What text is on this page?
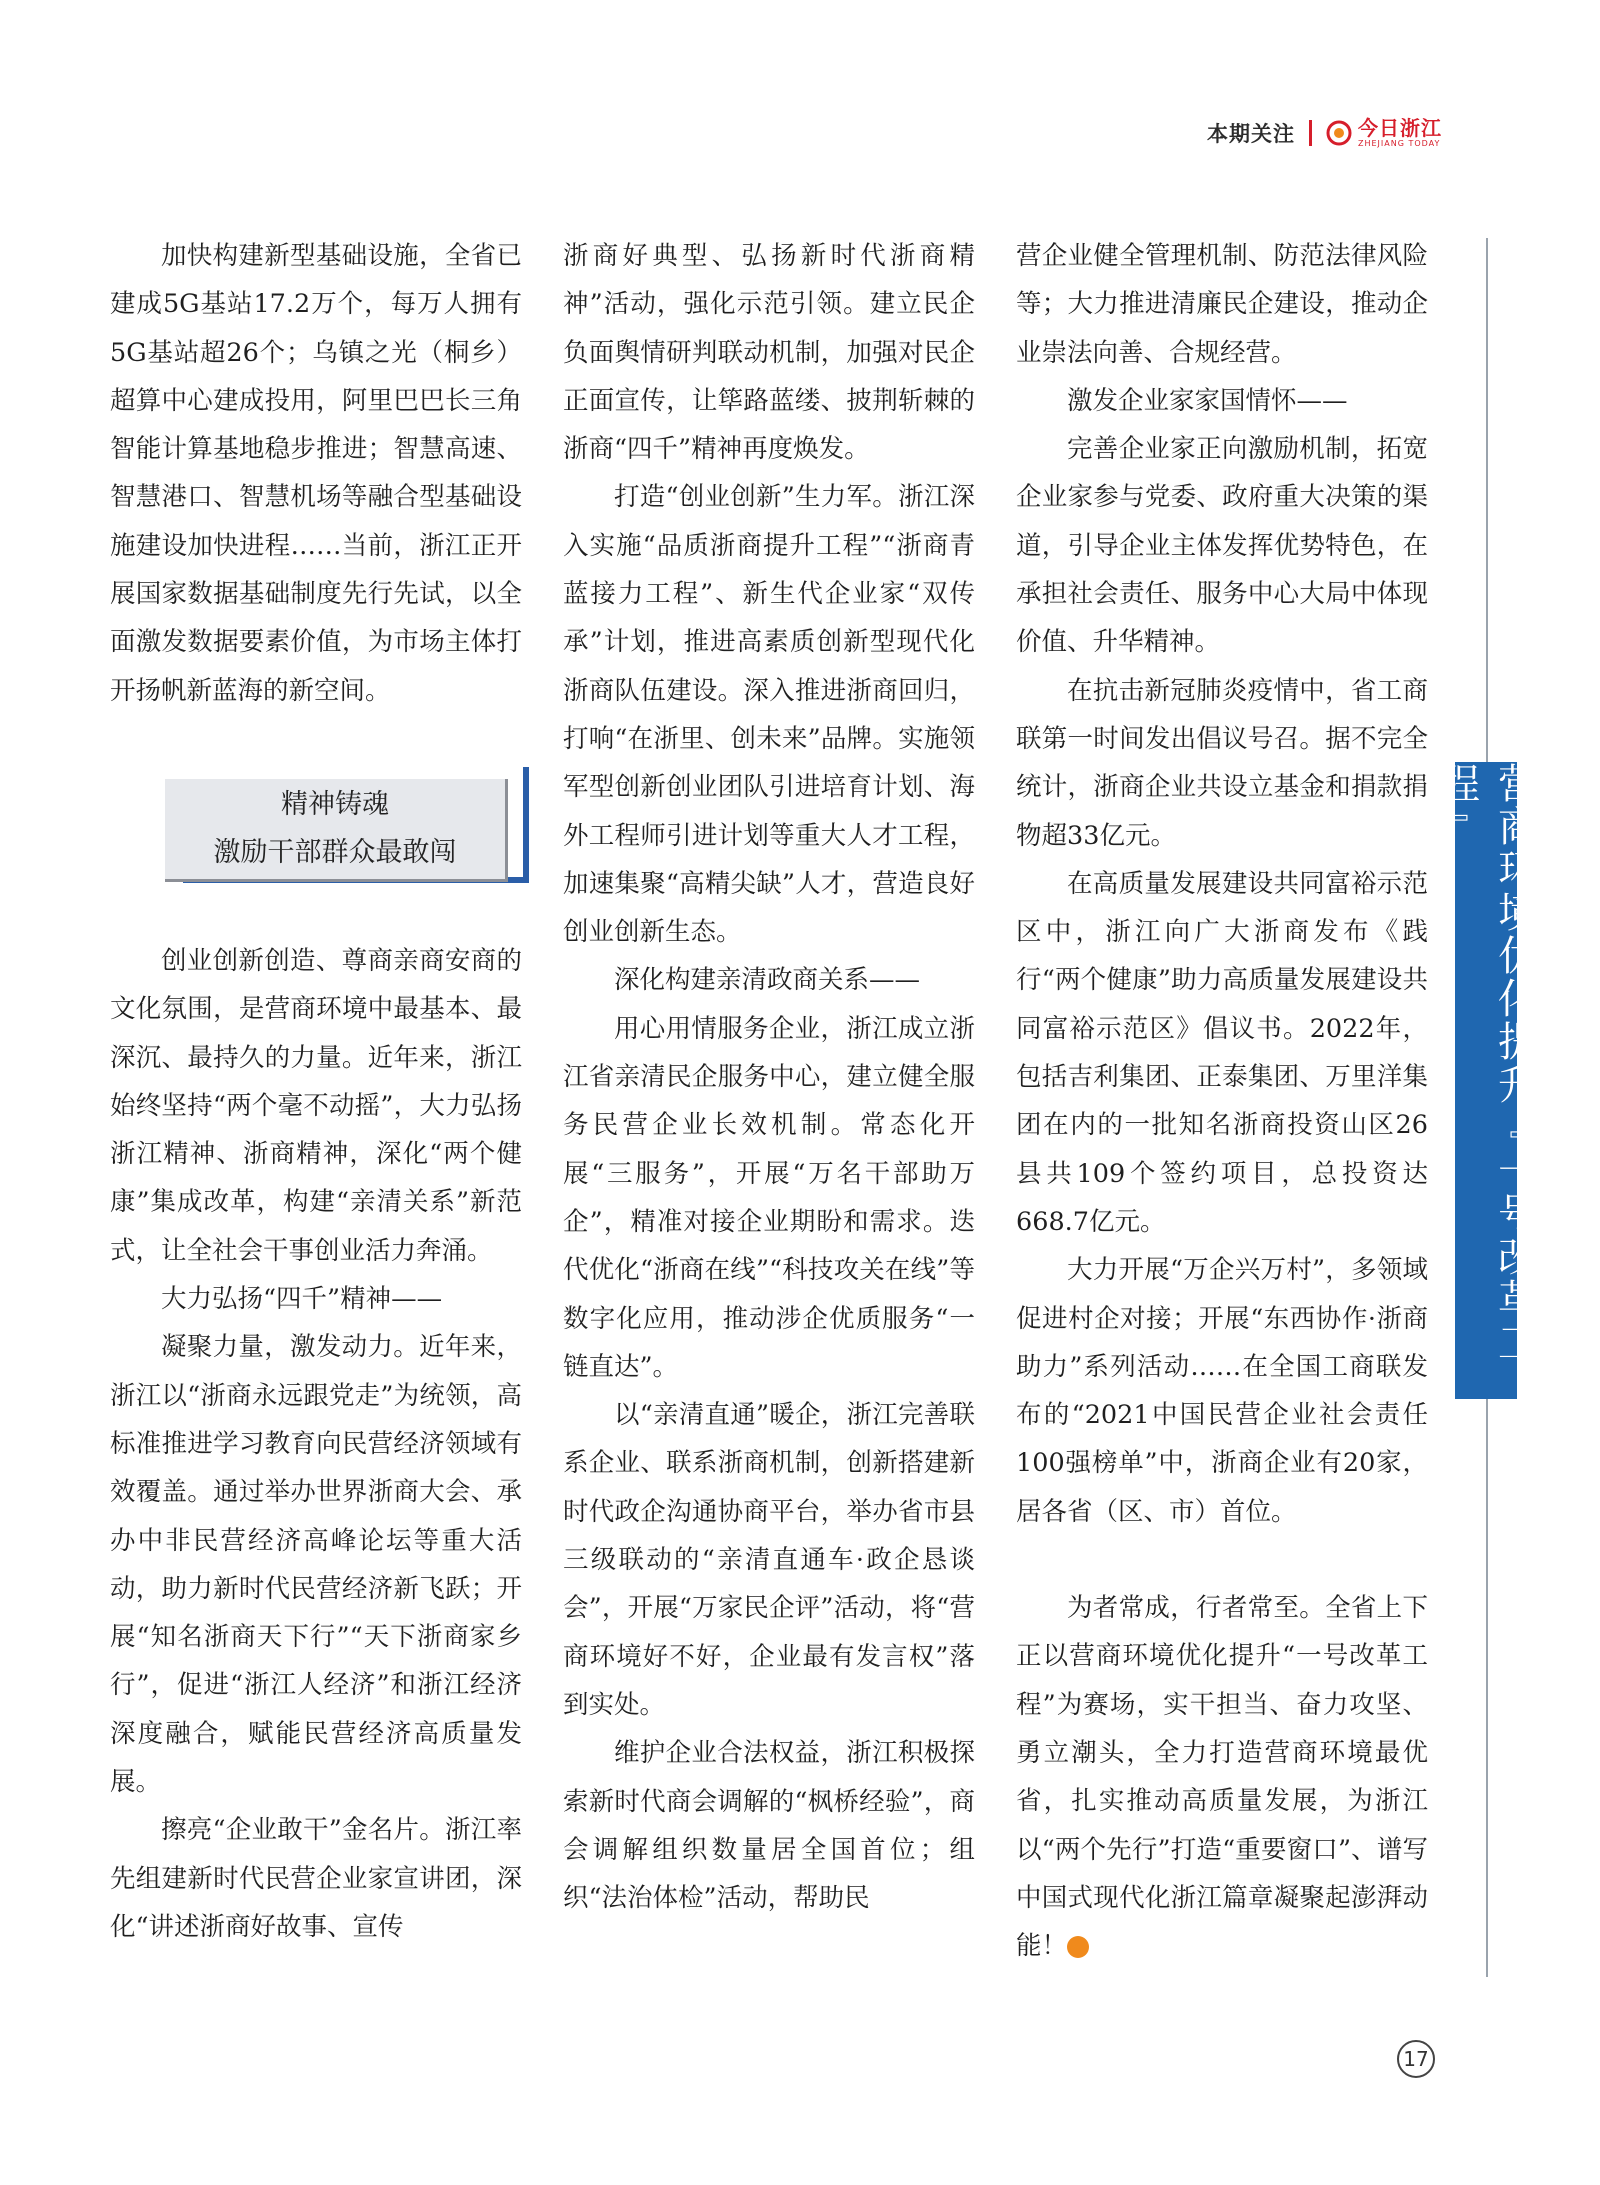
本期关注	今日浙江
ZHEJIANG TODAY

加快构建新型基础设施，全省已建成5G基站17.2万个，每万人拥有5G基站超26个；乌镇之光（桐乡）超算中心建成投用，阿里巴巴长三角智能计算基地稳步推进；智慧高速、智慧港口、智慧机场等融合型基础设施建设加快进程……当前，浙江正开展国家数据基础制度先行先试，以全面激发数据要素价值，为市场主体打开扬帆新蓝海的新空间。

精神铸魂
激励干部群众最敢闯

创业创新创造、尊商亲商安商的文化氛围，是营商环境中最基本、最深沉、最持久的力量。近年来，浙江始终坚持“两个毫不动摇”，大力弘扬浙江精神、浙商精神，深化“两个健康”集成改革，构建“亲清关系”新范式，让全社会干事创业活力奔涌。

大力弘扬“四千”精神——

凝聚力量，激发动力。近年来，浙江以“浙商永远跟党走”为统领，高标准推进学习教育向民营经济领域有效覆盖。通过举办世界浙商大会、承办中非民营经济高峰论坛等重大活动，助力新时代民营经济新飞跃；开展“知名浙商天下行”“天下浙商家乡行”，促进“浙江人经济”和浙江经济深度融合，赋能民营经济高质量发展。

擦亮“企业敢干”金名片。浙江率先组建新时代民营企业家宣讲团，深化“讲述浙商好故事、宣传

浙商好典型、弘扬新时代浙商精神”活动，强化示范引领。建立民企负面舆情研判联动机制，加强对民企正面宣传，让筚路蓝缕、披荆斩棘的浙商“四千”精神再度焕发。

打造“创业创新”生力军。浙江深入实施“品质浙商提升工程”“浙商青蓝接力工程”、新生代企业家“双传承”计划，推进高素质创新型现代化浙商队伍建设。深入推进浙商回归，打响“在浙里、创未来”品牌。实施领军型创新创业团队引进培育计划、海外工程师引进计划等重大人才工程，加速集聚“高精尖缺”人才，营造良好创业创新生态。

深化构建亲清政商关系——

用心用情服务企业，浙江成立浙江省亲清民企服务中心，建立健全服务民营企业长效机制。常态化开展“三服务”，开展“万名干部助万企”，精准对接企业期盼和需求。迭代优化“浙商在线”“科技攻关在线”等数字化应用，推动涉企优质服务“一链直达”。

以“亲清直通”暖企，浙江完善联系企业、联系浙商机制，创新搭建新时代政企沟通协商平台，举办省市县三级联动的“亲清直通车·政企恳谈会”，开展“万家民企评”活动，将“营商环境好不好，企业最有发言权”落到实处。

维护企业合法权益，浙江积极探索新时代商会调解的“枫桥经验”，商会调解组织数量居全国首位；组织“法治体检”活动，帮助民

营企业健全管理机制、防范法律风险等；大力推进清廉民企建设，推动企业崇法向善、合规经营。

激发企业家家国情怀——

完善企业家正向激励机制，拓宽企业家参与党委、政府重大决策的渠道，引导企业主体发挥优势特色，在承担社会责任、服务中心大局中体现价值、升华精神。

在抗击新冠肺炎疫情中，省工商联第一时间发出倡议号召。据不完全统计，浙商企业共设立基金和捐款捐物超33亿元。

在高质量发展建设共同富裕示范区中，浙江向广大浙商发布《践行“两个健康”助力高质量发展建设共同富裕示范区》倡议书。2022年，包括吉利集团、正泰集团、万里洋集团在内的一批知名浙商投资山区26县共109个签约项目，总投资达668.7亿元。

大力开展“万企兴万村”，多领域促进村企对接；开展“东西协作·浙商助力”系列活动……在全国工商联发布的“2021中国民营企业社会责任100强榜单”中，浙商企业有20家，居各省（区、市）首位。

为者常成，行者常至。全省上下正以营商环境优化提升“一号改革工程”为赛场，实干担当、奋力攻坚、勇立潮头，全力打造营商环境最优省，扎实推动高质量发展，为浙江以“两个先行”打造“重要窗口”、谱写中国式现代化浙江篇章凝聚起澎湃动能！	●

营商环境优化提升『一号改革工程』
17
